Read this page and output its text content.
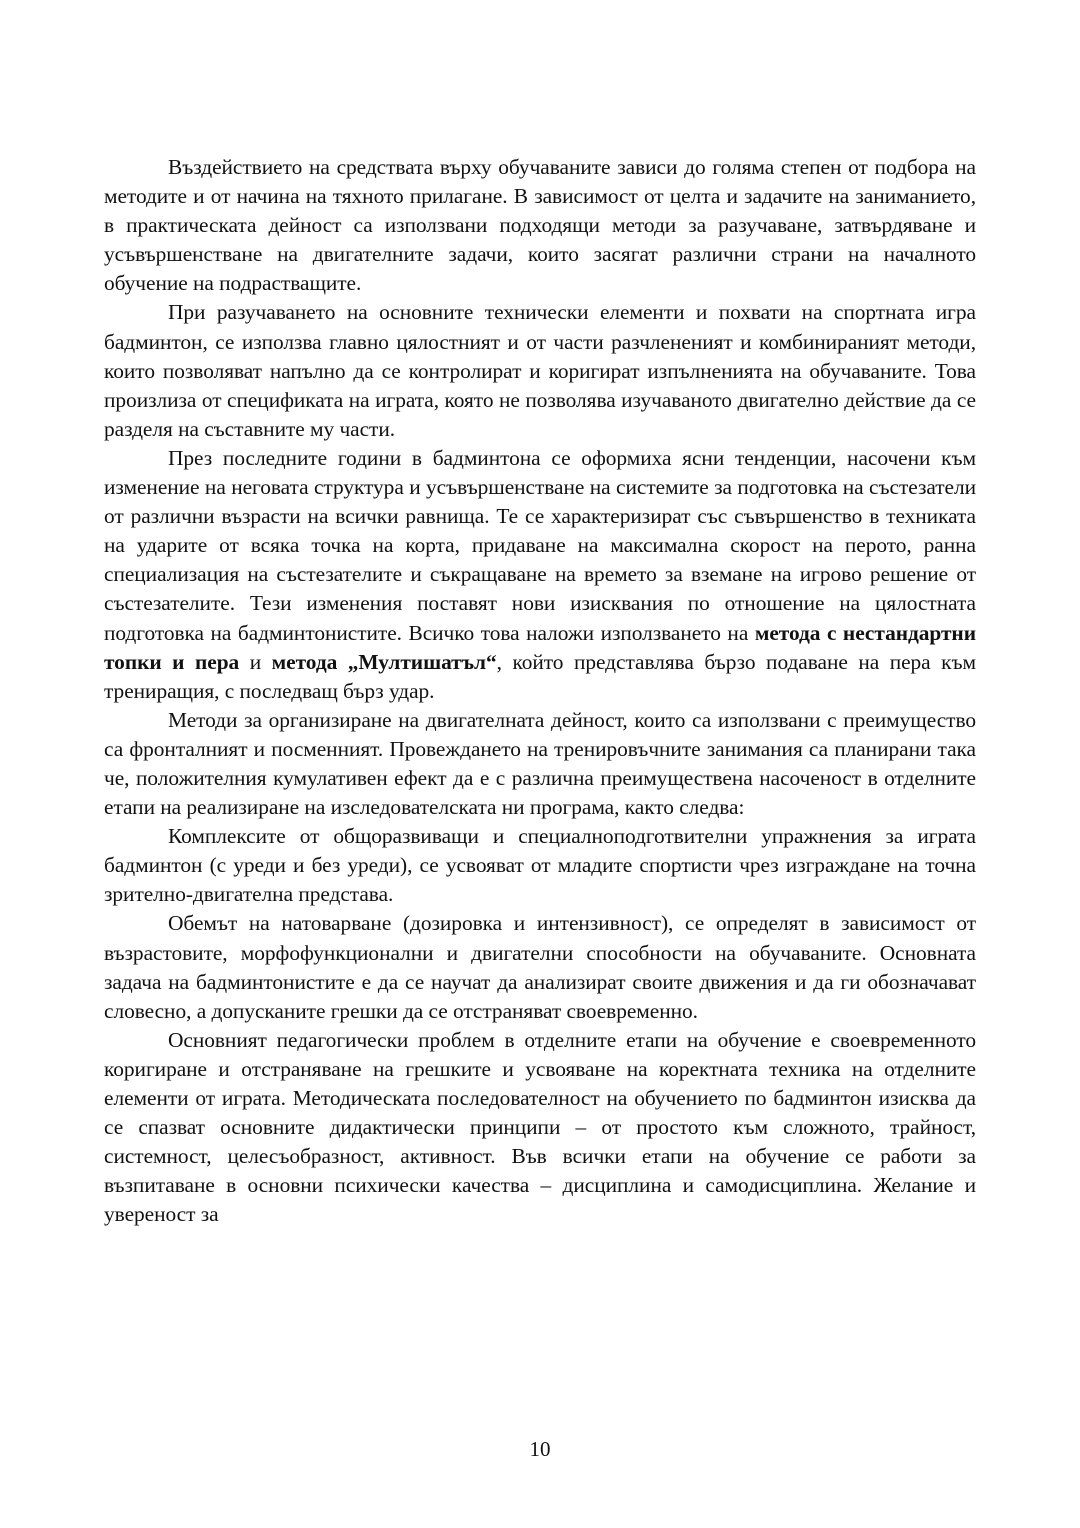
Въздействието на средствата върху обучаваните зависи до голяма степен от подбора на методите и от начина на тяхното прилагане. В зависимост от целта и задачите на заниманието, в практическата дейност са използвани подходящи методи за разучаване, затвърдяване и усъвършенстване на двигателните задачи, които засягат различни страни на началното обучение на подрастващите.

При разучаването на основните технически елементи и похвати на спортната игра бадминтон, се използва главно цялостният и от части разчлененият и комбинираният методи, които позволяват напълно да се контролират и коригират изпълненията на обучаваните. Това произлиза от спецификата на играта, която не позволява изучаваното двигателно действие да се разделя на съставните му части.

През последните години в бадминтона се оформиха ясни тенденции, насочени към изменение на неговата структура и усъвършенстване на системите за подготовка на състезатели от различни възрасти на всички равнища. Те се характеризират със съвършенство в техниката на ударите от всяка точка на корта, придаване на максимална скорост на перото, ранна специализация на състезателите и съкращаване на времето за вземане на игрово решение от състезателите. Тези изменения поставят нови изисквания по отношение на цялостната подготовка на бадминтонистите. Всичко това наложи използването на метода с нестандартни топки и пера и метода „Мултишатъл“, който представлява бързо подаване на пера към трениращия, с последващ бърз удар.

Методи за организиране на двигателната дейност, които са използвани с преимущество са фронталният и посменният. Провеждането на тренировъчните занимания са планирани така че, положителния кумулативен ефект да е с различна преимуществена насоченост в отделните етапи на реализиране на изследователската ни програма, както следва:

Комплексите от общоразвиващи и специалноподготвителни упражнения за играта бадминтон (с уреди и без уреди), се усвояват от младите спортисти чрез изграждане на точна зрително-двигателна представа.

Обемът на натоварване (дозировка и интензивност), се определят в зависимост от възрастовите, морфофункционални и двигателни способности на обучаваните. Основната задача на бадминтонистите е да се научат да анализират своите движения и да ги обозначават словесно, а допусканите грешки да се отстраняват своевременно.

Основният педагогически проблем в отделните етапи на обучение е своевременното коригиране и отстраняване на грешките и усвояване на коректната техника на отделните елементи от играта. Методическата последователност на обучението по бадминтон изисква да се спазват основните дидактически принципи – от простото към сложното, трайност, системност, целесъобразност, активност. Във всички етапи на обучение се работи за възпитаване в основни психически качества – дисциплина и самодисциплина. Желание и увереност за

10
